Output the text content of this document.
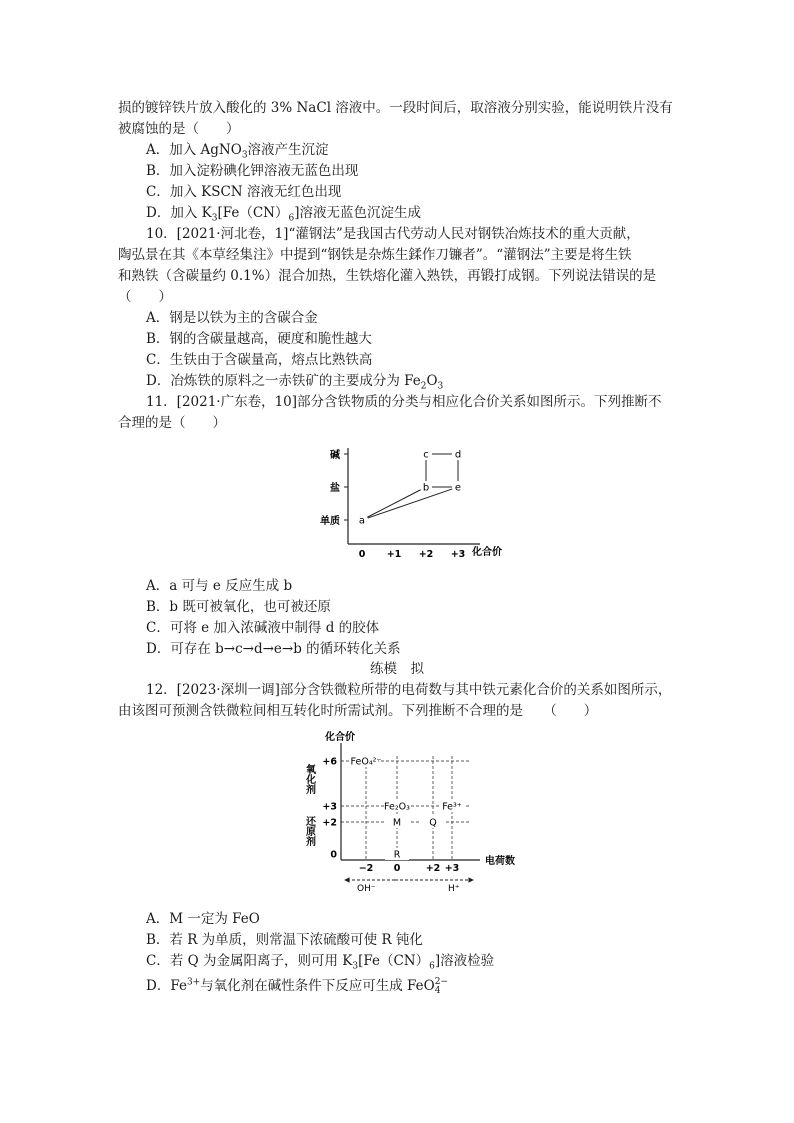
损的镀锌铁片放入酸化的 3% NaCl 溶液中。一段时间后，取溶液分别实验，能说明铁片没有
被腐蚀的是（　　）
A．加入 AgNO$_3$溶液产生沉淀
B．加入淀粉碘化钾溶液无蓝色出现
C．加入 KSCN 溶液无红色出现
D．加入 $K_3[Fe(CN)_6]$溶液无蓝色沉淀生成
10．[2021·河北卷，1]“灌钢法”是我国古代劳动人民对钢铁冶炼技术的重大贡献，
陶弘景在其《本草经集注》中提到“钢铁是杂炼生鍒作刀镰者”。“灌钢法”主要是将生铁
和熟铁（含碳量约 0.1%）混合加热，生铁熔化灌入熟铁，再锻打成钢。下列说法错误的是
（　　）
A．钢是以铁为主的含碳合金
B．钢的含碳量越高，硬度和脆性越大
C．生铁由于含碳量高，熔点比熟铁高
D．冶炼铁的原料之一赤铁矿的主要成分为 $Fe_2O_3$
11．[2021·广东卷，10]部分含铁物质的分类与相应化合价关系如图所示。下列推断不
合理的是（　　）
单质
盐
碱
0 +1 +2 +3
a
b
c	d
e
化合价
A．a 可与 e 反应生成 b
B．b 既可被氧化，也可被还原
C．可将 e 加入浓碱液中制得 d 的胶体
D．可存在 b→c→d→e→b 的循环转化关系
练模　拟
12．[2023·深圳一调]部分含铁微粒所带的电荷数与其中铁元素化合价的关系如图所示，
由该图可预测含铁微粒间相互转化时所需试剂。下列推断不合理的是　　（　　）
化合价
电荷数
氧化剂
还原剂
0
+2
+3
+6
−2 0	+2 +3
FeO₄²⁻
Fe₂O₃	Fe³⁺
M	Q
R
OH⁻	H⁺
A．M 一定为 FeO
B．若 R 为单质，则常温下浓硫酸可使 R 钝化
C．若 Q 为金属阳离子，则可用 $K_3[Fe(CN)_6]$溶液检验
D．$Fe^{3+}$与氧化剂在碱性条件下反应可生成 FeO 2−
4
